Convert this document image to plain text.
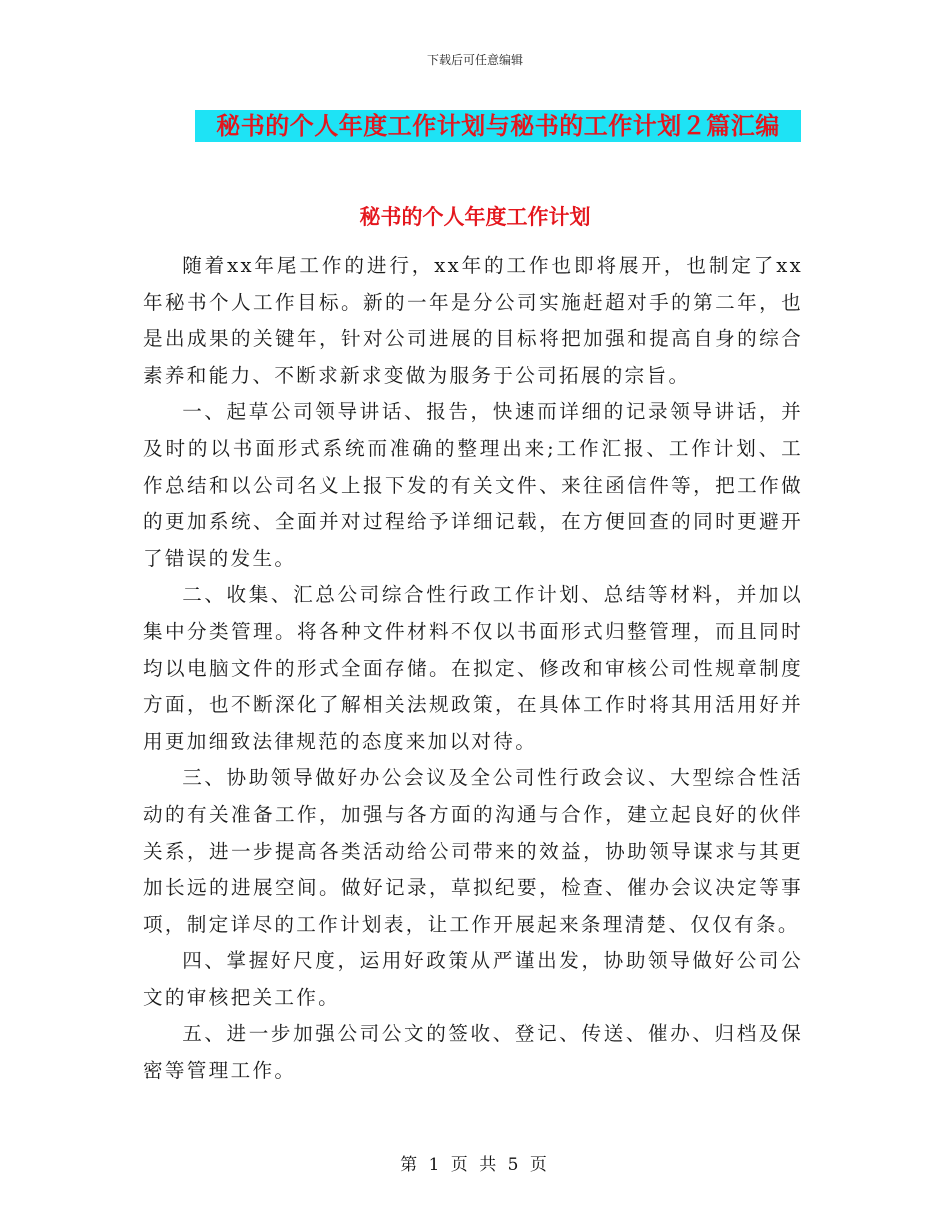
下载后可任意编辑
秘书的个人年度工作计划与秘书的工作计划２篇汇编
秘书的个人年度工作计划

随着xx年尾工作的进行，xx年的工作也即将展开，也制定了xx年秘书个人工作目标。新的一年是分公司实施赶超对手的第二年，也是出成果的关键年，针对公司进展的目标将把加强和提高自身的综合素养和能力、不断求新求变做为服务于公司拓展的宗旨。

一、起草公司领导讲话、报告，快速而详细的记录领导讲话，并及时的以书面形式系统而准确的整理出来;工作汇报、工作计划、工作总结和以公司名义上报下发的有关文件、来往函信件等，把工作做的更加系统、全面并对过程给予详细记载，在方便回查的同时更避开了错误的发生。

二、收集、汇总公司综合性行政工作计划、总结等材料，并加以集中分类管理。将各种文件材料不仅以书面形式归整管理，而且同时均以电脑文件的形式全面存储。在拟定、修改和审核公司性规章制度方面，也不断深化了解相关法规政策，在具体工作时将其用活用好并用更加细致法律规范的态度来加以对待。

三、协助领导做好办公会议及全公司性行政会议、大型综合性活动的有关准备工作，加强与各方面的沟通与合作，建立起良好的伙伴关系，进一步提高各类活动给公司带来的效益，协助领导谋求与其更加长远的进展空间。做好记录，草拟纪要，检查、催办会议决定等事项，制定详尽的工作计划表，让工作开展起来条理清楚、仅仅有条。

四、掌握好尺度，运用好政策从严谨出发，协助领导做好公司公文的审核把关工作。

五、进一步加强公司公文的签收、登记、传送、催办、归档及保密等管理工作。

第 1 页 共 5 页
